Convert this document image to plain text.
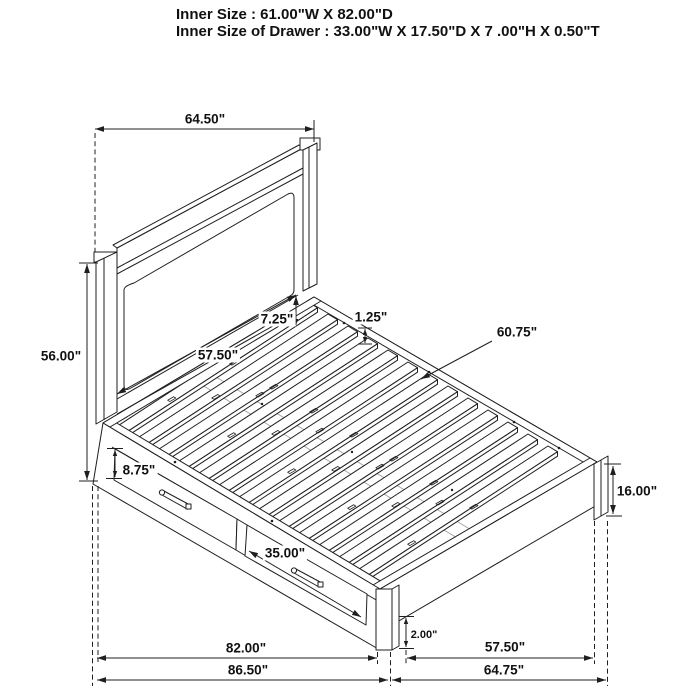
Inner Size : 61.00"W X 82.00"D
Inner Size of Drawer : 33.00"W X 17.50"D X 7 .00"H X 0.50"T
64.50"
56.00"	57.50"
7.25"	1.25"
60.75"
8.75"
16.00"
35.00"
82.00"
2.00"
57.50"
86.50"	64.75"
